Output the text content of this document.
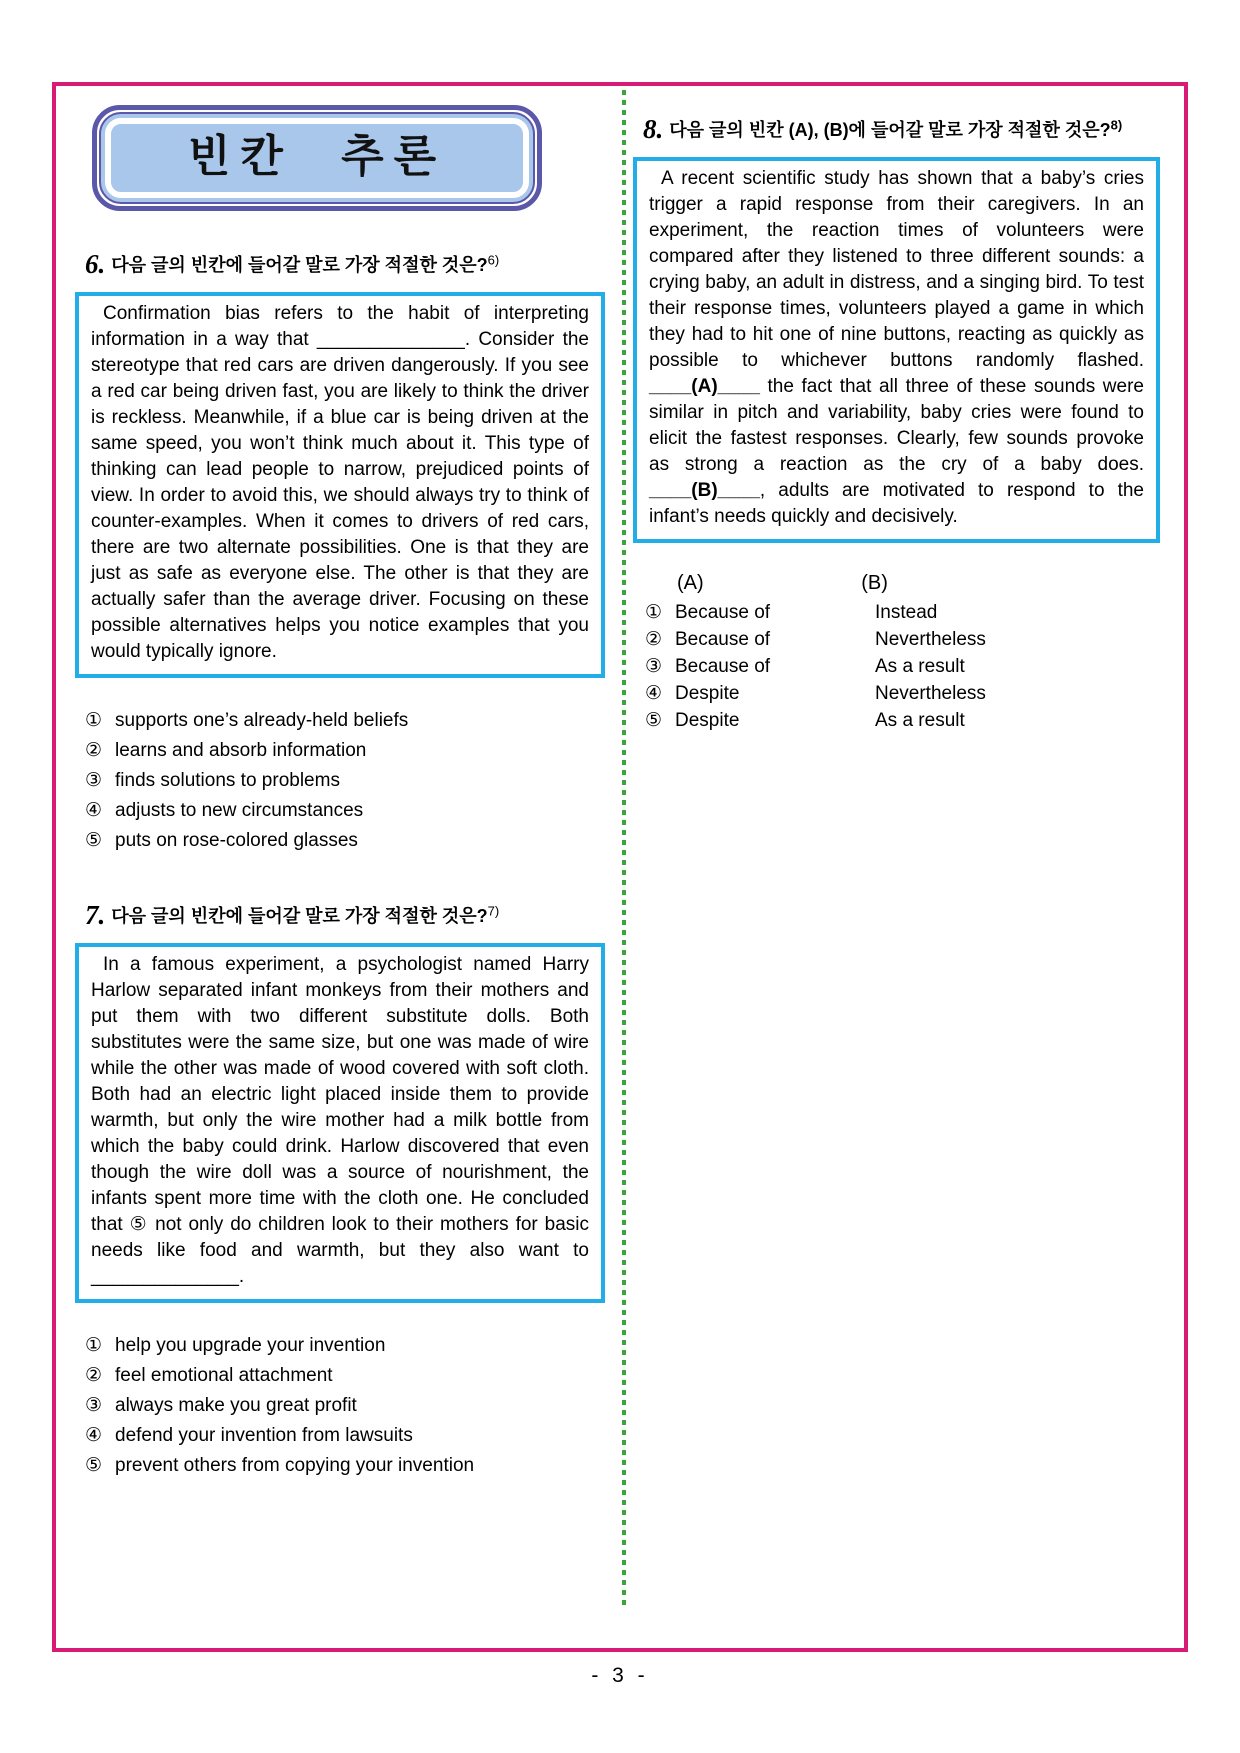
빈칸 추론
6. 다음 글의 빈칸에 들어갈 말로 가장 적절한 것은?$^{6)}$

Confirmation bias refers to the habit of interpreting information in a way that ______________. Consider the stereotype that red cars are driven dangerously. If you see a red car being driven fast, you are likely to think the driver is reckless. Meanwhile, if a blue car is being driven at the same speed, you won’t think much about it. This type of thinking can lead people to narrow, prejudiced points of view. In order to avoid this, we should always try to think of counter-examples. When it comes to drivers of red cars, there are two alternate possibilities. One is that they are just as safe as everyone else. The other is that they are actually safer than the average driver. Focusing on these possible alternatives helps you notice examples that you would typically ignore.

① supports one’s already-held beliefs
② learns and absorb information
③ finds solutions to problems
④ adjusts to new circumstances
⑤ puts on rose-colored glasses
7. 다음 글의 빈칸에 들어갈 말로 가장 적절한 것은?$^{7)}$

In a famous experiment, a psychologist named Harry Harlow separated infant monkeys from their mothers and put them with two different substitute dolls. Both substitutes were the same size, but one was made of wire while the other was made of wood covered with soft cloth. Both had an electric light placed inside them to provide warmth, but only the wire mother had a milk bottle from which the baby could drink. Harlow discovered that even though the wire doll was a source of nourishment, the infants spent more time with the cloth one. He concluded that ⑤ not only do children look to their mothers for basic needs like food and warmth, but they also want to ______________.

① help you upgrade your invention
② feel emotional attachment
③ always make you great profit
④ defend your invention from lawsuits
⑤ prevent others from copying your invention
8. 다음 글의 빈칸 (A), (B)에 들어갈 말로 가장 적절한 것은?$^{8)}$

A recent scientific study has shown that a baby’s cries trigger a rapid response from their caregivers. In an experiment, the reaction times of volunteers were compared after they listened to three different sounds: a crying baby, an adult in distress, and a singing bird. To test their response times, volunteers played a game in which they had to hit one of nine buttons, reacting as quickly as possible to whichever buttons randomly flashed. ____(A)____ the fact that all three of these sounds were similar in pitch and variability, baby cries were found to elicit the fastest responses. Clearly, few sounds provoke as strong a reaction as the cry of a baby does. ____(B)____, adults are motivated to respond to the infant’s needs quickly and decisively.

(A)	(B)
① Because of	Instead
② Because of	Nevertheless
③ Because of	As a result
④ Despite	Nevertheless
⑤ Despite	As a result
- 3 -
